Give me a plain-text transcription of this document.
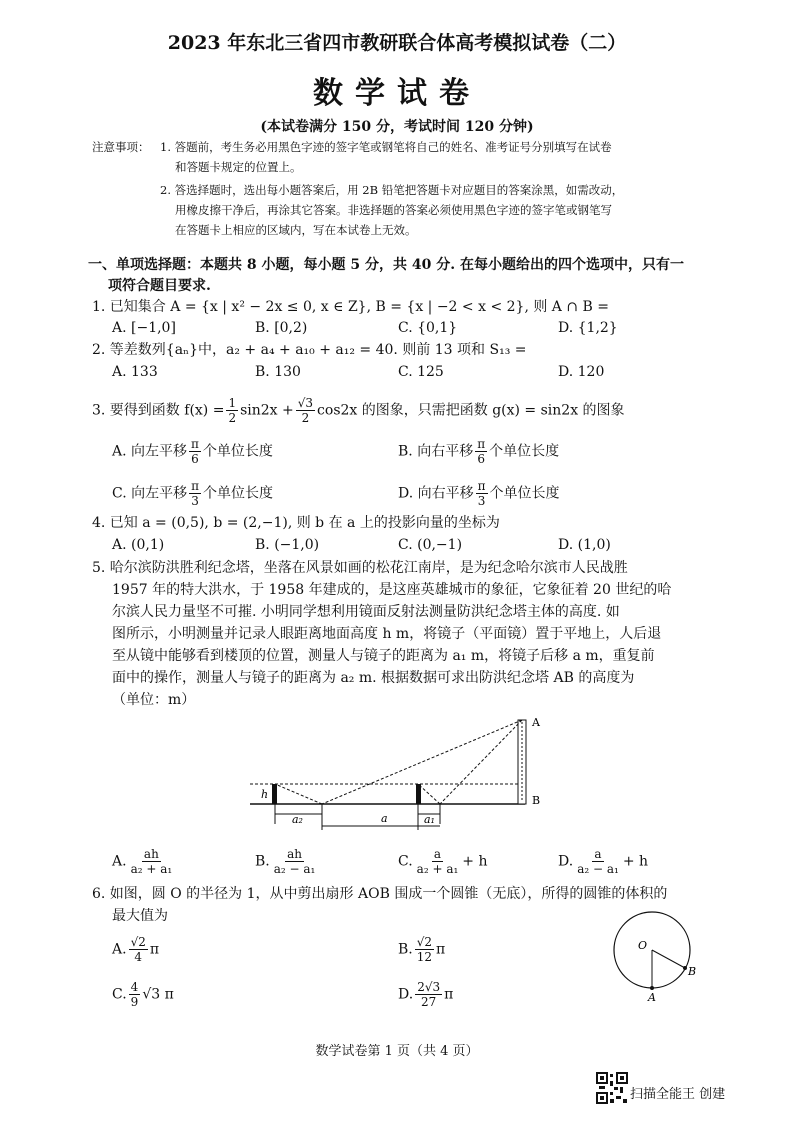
2023 年东北三省四市教研联合体高考模拟试卷（二）
数学试卷
(本试卷满分 150 分，考试时间 120 分钟)
注意事项： 1. 答题前，考生务必用黑色字迹的签字笔或钢笔将自己的姓名、准考证号分别填写在试卷
和答题卡规定的位置上。
2. 答选择题时，选出每小题答案后，用 2B 铅笔把答题卡对应题目的答案涂黑，如需改动，
用橡皮擦干净后，再涂其它答案。非选择题的答案必须使用黑色字迹的签字笔或钢笔写
在答题卡上相应的区域内，写在本试卷上无效。
一、单项选择题：本题共 8 小题，每小题 5 分，共 40 分. 在每小题给出的四个选项中，只有一
项符合题目要求.
1. 已知集合 A = {x | x² − 2x ≤ 0, x ∈ Z}, B = {x | −2 < x < 2}, 则 A ∩ B =
A. [−1,0]	B. [0,2)	C. {0,1}	D. {1,2}
2. 等差数列{aₙ}中，a₂ + a₄ + a₁₀ + a₁₂ = 40. 则前 13 项和 S₁₃ =
A. 133	B. 130	C. 125	D. 120
3. 要得到函数 $f(x) = \frac{1}{2} \sin 2x + \frac{√3}{2} \cos 2x$ 的图象，只需把函数 g(x) = sin2x 的图象
A. 向左平移 $\frac{\pi}{6}$ 个单位长度	B. 向右平移 $\frac{\pi}{6}$ 个单位长度
C. 向左平移 $\frac{\pi}{3}$ 个单位长度	D. 向右平移 $\frac{\pi}{3}$ 个单位长度
4. 已知 a = (0,5), b = (2,−1), 则 b 在 a 上的投影向量的坐标为
A. (0,1)	B. (−1,0)	C. (0,−1)	D. (1,0)
5. 哈尔滨防洪胜利纪念塔，坐落在风景如画的松花江南岸，是为纪念哈尔滨市人民战胜
1957 年的特大洪水，于 1958 年建成的，是这座英雄城市的象征，它象征着 20 世纪的哈
尔滨人民力量坚不可摧. 小明同学想利用镜面反射法测量防洪纪念塔主体的高度. 如
图所示，小明测量并记录人眼距离地面高度 h m，将镜子（平面镜）置于平地上，人后退
至从镜中能够看到楼顶的位置，测量人与镜子的距离为 a₁ m，将镜子后移 a m，重复前
面中的操作，测量人与镜子的距离为 a₂ m. 根据数据可求出防洪纪念塔 AB 的高度为
（单位：m）
A
B
h
a₂	a	a₁
A. $\frac{ah}{\text{a₂ + a₁}}$	B. $\frac{ah}{\text{a₂ − a₁}}$	C. $\frac{a}{\text{a₂ + a₁}} + h$	D. $\frac{a}{\text{a₂ − a₁}} + h$
6. 如图，圆 O 的半径为 1，从中剪出扇形 AOB 围成一个圆锥（无底），所得的圆锥的体积的
最大值为
A. $\frac{√2}{4}$ π	B. $\frac{√2}{12}$ π
C. $\frac{4}{9} √3$ π	D. $\frac{2√3}{27}$ π
O
A
B
数学试卷第 1 页（共 4 页）
扫描全能王 创建
